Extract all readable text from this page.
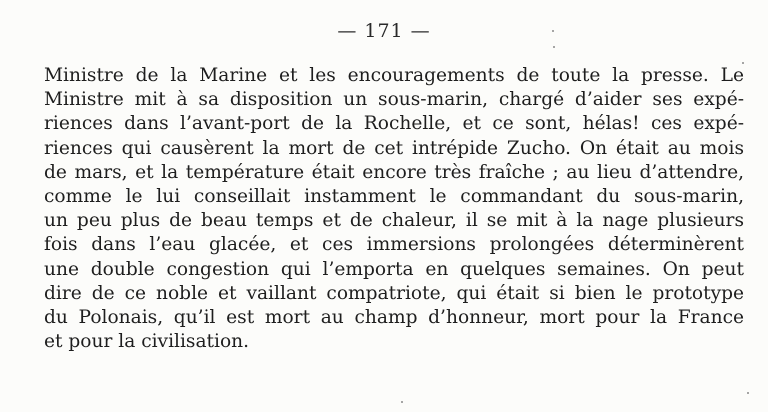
— 171 —
Ministre de la Marine et les encouragements de toute la presse. Le
Ministre mit à sa disposition un sous-marin, chargé d’aider ses expé-
riences dans l’avant-port de la Rochelle, et ce sont, hélas! ces expé-
riences qui causèrent la mort de cet intrépide Zucho. On était au mois
de mars, et la température était encore très fraîche ; au lieu d’attendre,
comme le lui conseillait instamment le commandant du sous-marin,
un peu plus de beau temps et de chaleur, il se mit à la nage plusieurs
fois dans l’eau glacée, et ces immersions prolongées déterminèrent
une double congestion qui l’emporta en quelques semaines. On peut
dire de ce noble et vaillant compatriote, qui était si bien le prototype
du Polonais, qu’il est mort au champ d’honneur, mort pour la France
et pour la civilisation.
